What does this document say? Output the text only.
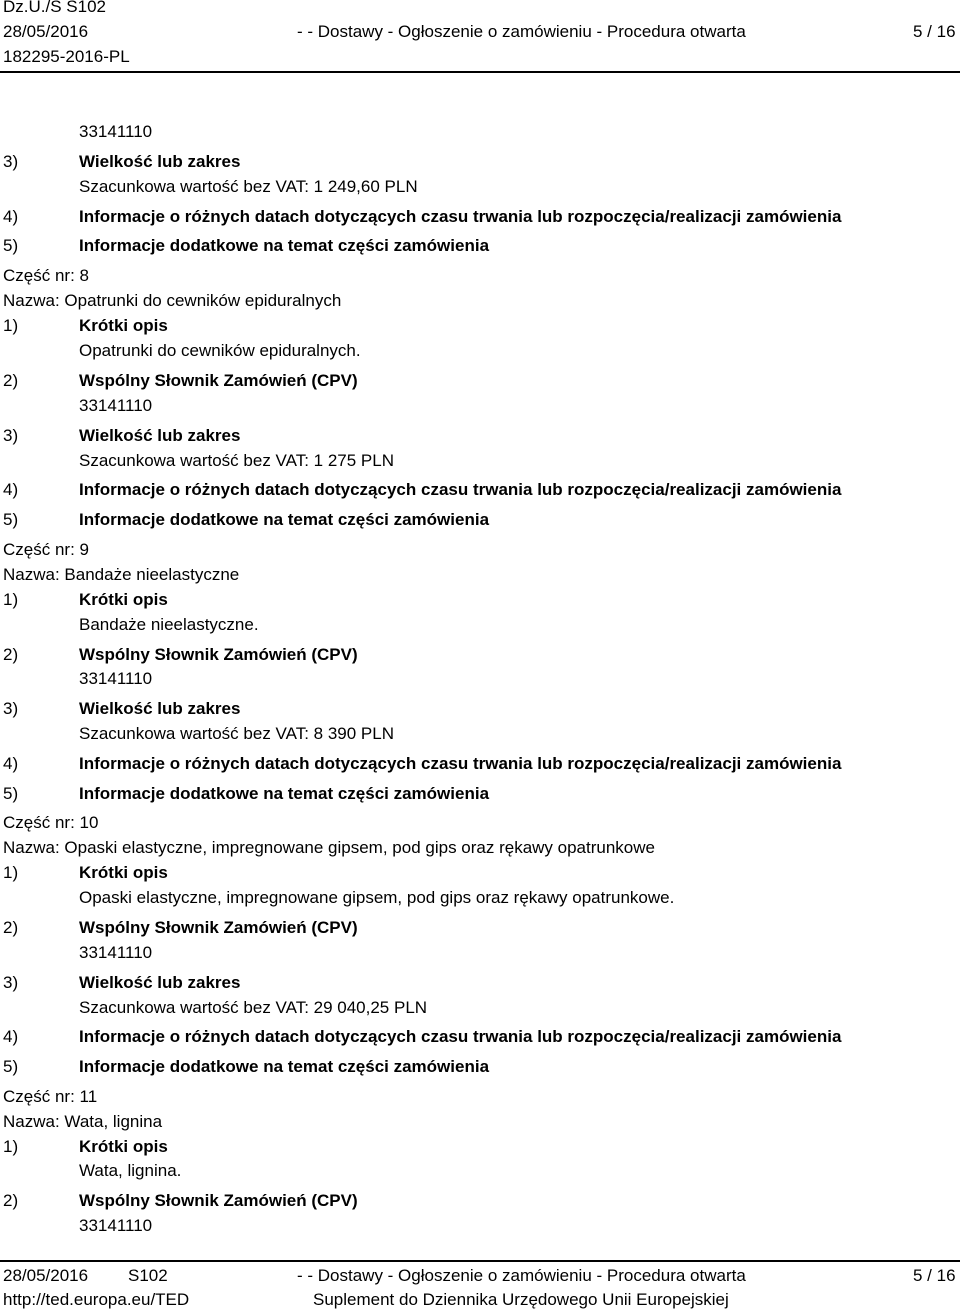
Dz.U./S S102
28/05/2016
182295-2016-PL
- - Dostawy - Ogłoszenie o zamówieniu - Procedura otwarta	5 / 16
33141110
3)	Wielkość lub zakres
Szacunkowa wartość bez VAT: 1 249,60 PLN
4)	Informacje o różnych datach dotyczących czasu trwania lub rozpoczęcia/realizacji zamówienia
5)	Informacje dodatkowe na temat części zamówienia
Część nr: 8
Nazwa: Opatrunki do cewników epiduralnych
1)	Krótki opis
Opatrunki do cewników epiduralnych.
2)	Wspólny Słownik Zamówień (CPV)
33141110
3)	Wielkość lub zakres
Szacunkowa wartość bez VAT: 1 275 PLN
4)	Informacje o różnych datach dotyczących czasu trwania lub rozpoczęcia/realizacji zamówienia
5)	Informacje dodatkowe na temat części zamówienia
Część nr: 9
Nazwa: Bandaże nieelastyczne
1)	Krótki opis
Bandaże nieelastyczne.
2)	Wspólny Słownik Zamówień (CPV)
33141110
3)	Wielkość lub zakres
Szacunkowa wartość bez VAT: 8 390 PLN
4)	Informacje o różnych datach dotyczących czasu trwania lub rozpoczęcia/realizacji zamówienia
5)	Informacje dodatkowe na temat części zamówienia
Część nr: 10
Nazwa: Opaski elastyczne, impregnowane gipsem, pod gips oraz rękawy opatrunkowe
1)	Krótki opis
Opaski elastyczne, impregnowane gipsem, pod gips oraz rękawy opatrunkowe.
2)	Wspólny Słownik Zamówień (CPV)
33141110
3)	Wielkość lub zakres
Szacunkowa wartość bez VAT: 29 040,25 PLN
4)	Informacje o różnych datach dotyczących czasu trwania lub rozpoczęcia/realizacji zamówienia
5)	Informacje dodatkowe na temat części zamówienia
Część nr: 11
Nazwa: Wata, lignina
1)	Krótki opis
Wata, lignina.
2)	Wspólny Słownik Zamówień (CPV)
33141110
28/05/2016 S102
http://ted.europa.eu/TED
- - Dostawy - Ogłoszenie o zamówieniu - Procedura otwarta
Suplement do Dziennika Urzędowego Unii Europejskiej
5 / 16
